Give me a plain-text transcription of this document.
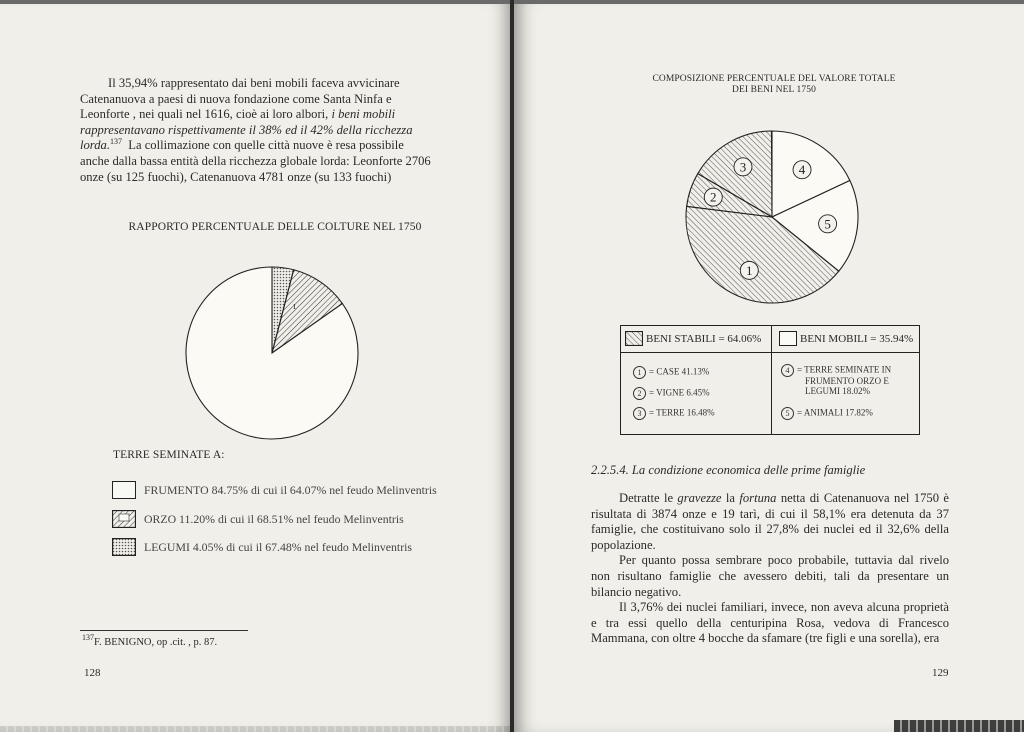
Il 35,94% rappresentato dai beni mobili faceva avvicinare

Catenanuova a paesi di nuova fondazione come Santa Ninfa e

Leonforte , nei quali nel 1616, cioè ai loro albori, i beni mobili

rappresentavano rispettivamente il 38% ed il 42% della ricchezza

lorda.$^{137}$ La collimazione con quelle città nuove è resa possibile

anche dalla bassa entità della ricchezza globale lorda: Leonforte 2706

onze (su 125 fuochi), Catenanuova 4781 onze (su 133 fuochi)

RAPPORTO PERCENTUALE DELLE COLTURE NEL 1750
1
TERRE SEMINATE A:
FRUMENTO 84.75% di cui il 64.07% nel feudo Melinventris
ORZO 11.20% di cui il 68.51% nel feudo Melinventris
LEGUMI 4.05% di cui il 67.48% nel feudo Melinventris
$^{137}$F. BENIGNO, op .cit. , p. 87.
128
COMPOSIZIONE PERCENTUALE DEL VALORE TOTALE
DEI BENI NEL 1750
4
5
1
2
3
BENI STABILI = 64.06%	BENI MOBILI = 35.94%
1 = CASE 41.13%
2 = VIGNE 6.45%
3 = TERRE 16.48%
4 = TERRE SEMINATE IN
FRUMENTO ORZO E
LEGUMI 18.02%
5 = ANIMALI 17.82%
2.2.5.4. La condizione economica delle prime famiglie

Detratte le gravezze la fortuna netta di Catenanuova nel 1750 è risultata di 3874 onze e 19 tarì, di cui il 58,1% era detenuta da 37 famiglie, che costituivano solo il 27,8% dei nuclei ed il 32,6% della popolazione.

Per quanto possa sembrare poco probabile, tuttavia dal rivelo non risultano famiglie che avessero debiti, tali da presentare un bilancio negativo.

Il 3,76% dei nuclei familiari, invece, non aveva alcuna proprietà e tra essi quello della centuripina Rosa, vedova di Francesco Mammana, con oltre 4 bocche da sfamare (tre figli e una sorella), era

129
